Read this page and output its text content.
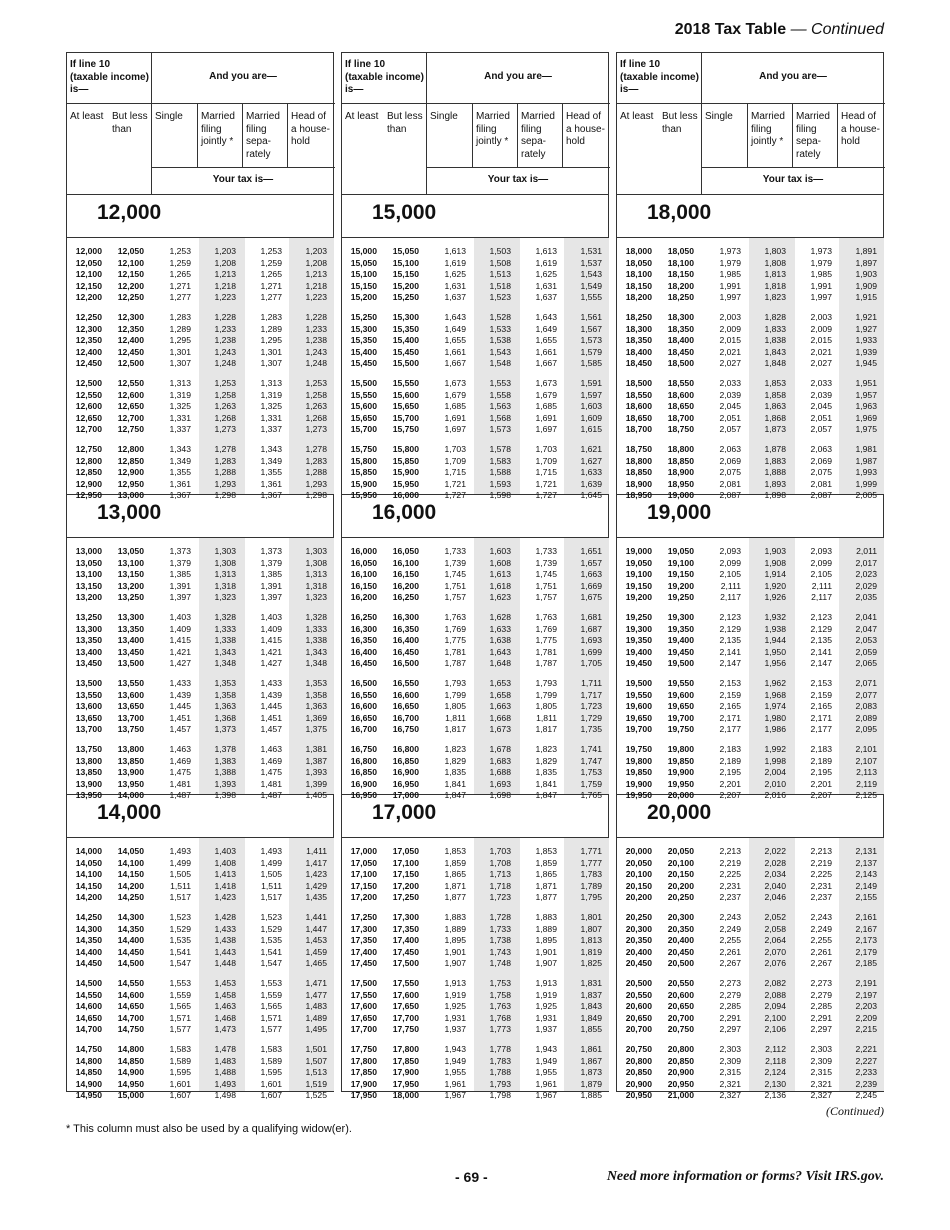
2018 Tax Table — Continued
If line 10 (taxable income) is—
And you are—
At least But less than
Single	Married filing jointly *
Married filing sepa- rately
Head of a house- hold
Your tax is—
12,000
12,000 12,050	1,253	1,203	1,253	1,203
12,050 12,100	1,259	1,208	1,259	1,208
12,100 12,150	1,265	1,213	1,265	1,213
12,150 12,200	1,271	1,218	1,271	1,218
12,200 12,250	1,277	1,223	1,277	1,223
12,250 12,300	1,283	1,228	1,283	1,228
12,300 12,350	1,289	1,233	1,289	1,233
12,350 12,400	1,295	1,238	1,295	1,238
12,400 12,450	1,301	1,243	1,301	1,243
12,450 12,500	1,307	1,248	1,307	1,248
12,500 12,550	1,313	1,253	1,313	1,253
12,550 12,600	1,319	1,258	1,319	1,258
12,600 12,650	1,325	1,263	1,325	1,263
12,650 12,700	1,331	1,268	1,331	1,268
12,700 12,750	1,337	1,273	1,337	1,273
12,750 12,800	1,343	1,278	1,343	1,278
12,800 12,850	1,349	1,283	1,349	1,283
12,850 12,900	1,355	1,288	1,355	1,288
12,900 12,950	1,361	1,293	1,361	1,293
12,950 13,000	1,367	1,298	1,367	1,298
13,000
13,000 13,050	1,373	1,303	1,373	1,303
13,050 13,100	1,379	1,308	1,379	1,308
13,100 13,150	1,385	1,313	1,385	1,313
13,150 13,200	1,391	1,318	1,391	1,318
13,200 13,250	1,397	1,323	1,397	1,323
13,250 13,300	1,403	1,328	1,403	1,328
13,300 13,350	1,409	1,333	1,409	1,333
13,350 13,400	1,415	1,338	1,415	1,338
13,400 13,450	1,421	1,343	1,421	1,343
13,450 13,500	1,427	1,348	1,427	1,348
13,500 13,550	1,433	1,353	1,433	1,353
13,550 13,600	1,439	1,358	1,439	1,358
13,600 13,650	1,445	1,363	1,445	1,363
13,650 13,700	1,451	1,368	1,451	1,369
13,700 13,750	1,457	1,373	1,457	1,375
13,750 13,800	1,463	1,378	1,463	1,381
13,800 13,850	1,469	1,383	1,469	1,387
13,850 13,900	1,475	1,388	1,475	1,393
13,900 13,950	1,481	1,393	1,481	1,399
13,950 14,000	1,487	1,398	1,487	1,405
14,000
14,000 14,050	1,493	1,403	1,493	1,411
14,050 14,100	1,499	1,408	1,499	1,417
14,100 14,150	1,505	1,413	1,505	1,423
14,150 14,200	1,511	1,418	1,511	1,429
14,200 14,250	1,517	1,423	1,517	1,435
14,250 14,300	1,523	1,428	1,523	1,441
14,300 14,350	1,529	1,433	1,529	1,447
14,350 14,400	1,535	1,438	1,535	1,453
14,400 14,450	1,541	1,443	1,541	1,459
14,450 14,500	1,547	1,448	1,547	1,465
14,500 14,550	1,553	1,453	1,553	1,471
14,550 14,600	1,559	1,458	1,559	1,477
14,600 14,650	1,565	1,463	1,565	1,483
14,650 14,700	1,571	1,468	1,571	1,489
14,700 14,750	1,577	1,473	1,577	1,495
14,750 14,800	1,583	1,478	1,583	1,501
14,800 14,850	1,589	1,483	1,589	1,507
14,850 14,900	1,595	1,488	1,595	1,513
14,900 14,950	1,601	1,493	1,601	1,519
14,950 15,000	1,607	1,498	1,607	1,525
If line 10 (taxable income) is—
And you are—
At least But less than
Single	Married filing jointly *
Married filing sepa- rately
Head of a house- hold
Your tax is—
15,000
15,000 15,050	1,613	1,503	1,613	1,531
15,050 15,100	1,619	1,508	1,619	1,537
15,100 15,150	1,625	1,513	1,625	1,543
15,150 15,200	1,631	1,518	1,631	1,549
15,200 15,250	1,637	1,523	1,637	1,555
15,250 15,300	1,643	1,528	1,643	1,561
15,300 15,350	1,649	1,533	1,649	1,567
15,350 15,400	1,655	1,538	1,655	1,573
15,400 15,450	1,661	1,543	1,661	1,579
15,450 15,500	1,667	1,548	1,667	1,585
15,500 15,550	1,673	1,553	1,673	1,591
15,550 15,600	1,679	1,558	1,679	1,597
15,600 15,650	1,685	1,563	1,685	1,603
15,650 15,700	1,691	1,568	1,691	1,609
15,700 15,750	1,697	1,573	1,697	1,615
15,750 15,800	1,703	1,578	1,703	1,621
15,800 15,850	1,709	1,583	1,709	1,627
15,850 15,900	1,715	1,588	1,715	1,633
15,900 15,950	1,721	1,593	1,721	1,639
15,950 16,000	1,727	1,598	1,727	1,645
16,000
16,000 16,050	1,733	1,603	1,733	1,651
16,050 16,100	1,739	1,608	1,739	1,657
16,100 16,150	1,745	1,613	1,745	1,663
16,150 16,200	1,751	1,618	1,751	1,669
16,200 16,250	1,757	1,623	1,757	1,675
16,250 16,300	1,763	1,628	1,763	1,681
16,300 16,350	1,769	1,633	1,769	1,687
16,350 16,400	1,775	1,638	1,775	1,693
16,400 16,450	1,781	1,643	1,781	1,699
16,450 16,500	1,787	1,648	1,787	1,705
16,500 16,550	1,793	1,653	1,793	1,711
16,550 16,600	1,799	1,658	1,799	1,717
16,600 16,650	1,805	1,663	1,805	1,723
16,650 16,700	1,811	1,668	1,811	1,729
16,700 16,750	1,817	1,673	1,817	1,735
16,750 16,800	1,823	1,678	1,823	1,741
16,800 16,850	1,829	1,683	1,829	1,747
16,850 16,900	1,835	1,688	1,835	1,753
16,900 16,950	1,841	1,693	1,841	1,759
16,950 17,000	1,847	1,698	1,847	1,765
17,000
17,000 17,050	1,853	1,703	1,853	1,771
17,050 17,100	1,859	1,708	1,859	1,777
17,100 17,150	1,865	1,713	1,865	1,783
17,150 17,200	1,871	1,718	1,871	1,789
17,200 17,250	1,877	1,723	1,877	1,795
17,250 17,300	1,883	1,728	1,883	1,801
17,300 17,350	1,889	1,733	1,889	1,807
17,350 17,400	1,895	1,738	1,895	1,813
17,400 17,450	1,901	1,743	1,901	1,819
17,450 17,500	1,907	1,748	1,907	1,825
17,500 17,550	1,913	1,753	1,913	1,831
17,550 17,600	1,919	1,758	1,919	1,837
17,600 17,650	1,925	1,763	1,925	1,843
17,650 17,700	1,931	1,768	1,931	1,849
17,700 17,750	1,937	1,773	1,937	1,855
17,750 17,800	1,943	1,778	1,943	1,861
17,800 17,850	1,949	1,783	1,949	1,867
17,850 17,900	1,955	1,788	1,955	1,873
17,900 17,950	1,961	1,793	1,961	1,879
17,950 18,000	1,967	1,798	1,967	1,885
If line 10 (taxable income) is—
And you are—
At least But less than
Single	Married filing jointly *
Married filing sepa- rately
Head of a house- hold
Your tax is—
18,000
18,000 18,050	1,973	1,803	1,973	1,891
18,050 18,100	1,979	1,808	1,979	1,897
18,100 18,150	1,985	1,813	1,985	1,903
18,150 18,200	1,991	1,818	1,991	1,909
18,200 18,250	1,997	1,823	1,997	1,915
18,250 18,300	2,003	1,828	2,003	1,921
18,300 18,350	2,009	1,833	2,009	1,927
18,350 18,400	2,015	1,838	2,015	1,933
18,400 18,450	2,021	1,843	2,021	1,939
18,450 18,500	2,027	1,848	2,027	1,945
18,500 18,550	2,033	1,853	2,033	1,951
18,550 18,600	2,039	1,858	2,039	1,957
18,600 18,650	2,045	1,863	2,045	1,963
18,650 18,700	2,051	1,868	2,051	1,969
18,700 18,750	2,057	1,873	2,057	1,975
18,750 18,800	2,063	1,878	2,063	1,981
18,800 18,850	2,069	1,883	2,069	1,987
18,850 18,900	2,075	1,888	2,075	1,993
18,900 18,950	2,081	1,893	2,081	1,999
18,950 19,000	2,087	1,898	2,087	2,005
19,000
19,000 19,050	2,093	1,903	2,093	2,011
19,050 19,100	2,099	1,908	2,099	2,017
19,100 19,150	2,105	1,914	2,105	2,023
19,150 19,200	2,111	1,920	2,111	2,029
19,200 19,250	2,117	1,926	2,117	2,035
19,250 19,300	2,123	1,932	2,123	2,041
19,300 19,350	2,129	1,938	2,129	2,047
19,350 19,400	2,135	1,944	2,135	2,053
19,400 19,450	2,141	1,950	2,141	2,059
19,450 19,500	2,147	1,956	2,147	2,065
19,500 19,550	2,153	1,962	2,153	2,071
19,550 19,600	2,159	1,968	2,159	2,077
19,600 19,650	2,165	1,974	2,165	2,083
19,650 19,700	2,171	1,980	2,171	2,089
19,700 19,750	2,177	1,986	2,177	2,095
19,750 19,800	2,183	1,992	2,183	2,101
19,800 19,850	2,189	1,998	2,189	2,107
19,850 19,900	2,195	2,004	2,195	2,113
19,900 19,950	2,201	2,010	2,201	2,119
19,950 20,000	2,207	2,016	2,207	2,125
20,000
20,000 20,050	2,213	2,022	2,213	2,131
20,050 20,100	2,219	2,028	2,219	2,137
20,100 20,150	2,225	2,034	2,225	2,143
20,150 20,200	2,231	2,040	2,231	2,149
20,200 20,250	2,237	2,046	2,237	2,155
20,250 20,300	2,243	2,052	2,243	2,161
20,300 20,350	2,249	2,058	2,249	2,167
20,350 20,400	2,255	2,064	2,255	2,173
20,400 20,450	2,261	2,070	2,261	2,179
20,450 20,500	2,267	2,076	2,267	2,185
20,500 20,550	2,273	2,082	2,273	2,191
20,550 20,600	2,279	2,088	2,279	2,197
20,600 20,650	2,285	2,094	2,285	2,203
20,650 20,700	2,291	2,100	2,291	2,209
20,700 20,750	2,297	2,106	2,297	2,215
20,750 20,800	2,303	2,112	2,303	2,221
20,800 20,850	2,309	2,118	2,309	2,227
20,850 20,900	2,315	2,124	2,315	2,233
20,900 20,950	2,321	2,130	2,321	2,239
20,950 21,000	2,327	2,136	2,327	2,245
(Continued)
* This column must also be used by a qualifying widow(er).
- 69 -	Need more information or forms? Visit IRS.gov.
